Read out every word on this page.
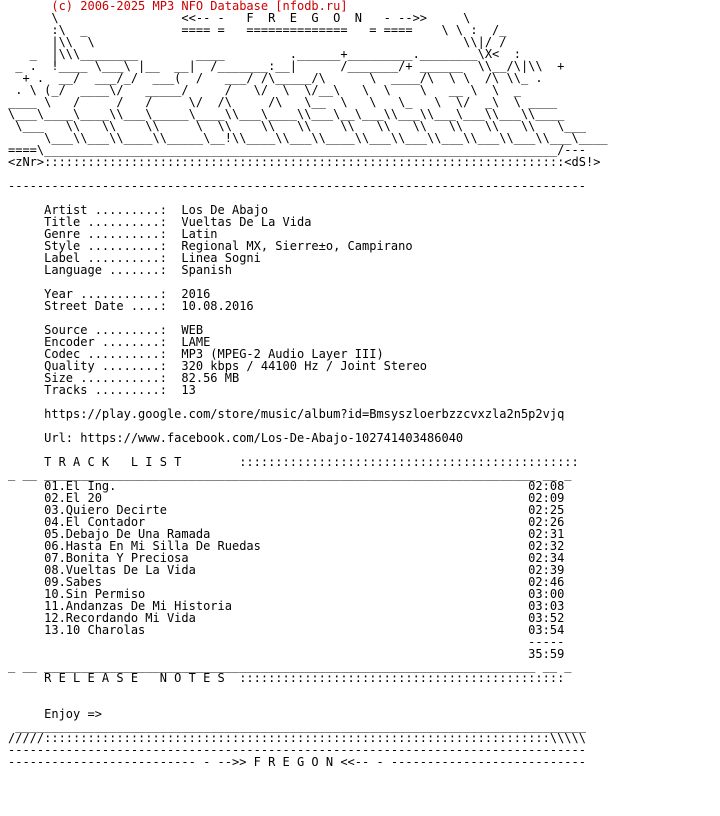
(c) 2006-2025 MP3 NFO Database [nfodb.ru]
\                 <<-- -   F  R  E  G  O  N   - -->>     \
:\  _             ==== =   ==============   = ====    \ \ :  /_
|\\  \                                                   \\|/ /
_  |\\\________        ____         .______+_________.________\X<  :
_ .  !____ \___\ |__  __|  /_______:__|      /_______/+ ______  \\__/\|\\  +
+ .  __/  ___/_/  ___(  /   ___/ /\_____/\      \  ____/\  \ \  /\ \\_ .
. \ (_/  ____\/   _____/     /   \/  \  \/__\   \  \    \   __ \  \  _
____ \   /     /   /     \/  /\     /\   \__  \   \   \_   \  \/  _\  \ ____
\___\____\____\\___\_____\____\\___\____\\___\__\___\\___\\___\___\\___\\____
\___   \\   \\    \\     \  \\    \\   \\    \\   \\   \\   \\   \\   \\   \___
\___\\___\\____\\_____\__!\\____\\___\\____\\___\\___\\___\\___\\___\\___\____
====\_______________________________________________________________________/---
<zNr>::::::::::::::::::::::::::::::::::::::::::::::::::::::::::::::::::::::::<dS!>
--------------------------------------------------------------------------------
Artist .........:  Los De Abajo
Title ..........:  Vueltas De La Vida
Genre ..........:  Latin
Style ..........:  Regional MX, Sierre±o, Campirano
Label ..........:  Linea Sogni
Language .......:  Spanish
Year ...........:  2016
Street Date ....:  10.08.2016
Source .........:  WEB
Encoder ........:  LAME
Codec ..........:  MP3 (MPEG-2 Audio Layer III)
Quality ........:  320 kbps / 44100 Hz / Joint Stereo
Size ...........:  82.56 MB
Tracks .........:  13
https://play.google.com/store/music/album?id=Bmsyszloerbzzcvxzla2n5p2vjq
Url: https://www.facebook.com/Los-De-Abajo-102741403486040
T R A C K   L I S T        :::::::::::::::::::::::::::::::::::::::::::::::
_ __ ____________________________________________________________________ __ _
01.El Ing.                                                         02:08
02.El 20                                                           02:09
03.Quiero Decirte                                                  02:25
04.El Contador                                                     02:26
05.Debajo De Una Ramada                                            02:31
06.Hasta En Mi Silla De Ruedas                                     02:32
07.Bonita Y Preciosa                                               02:34
08.Vueltas De La Vida                                              02:39
09.Sabes                                                           02:46
10.Sin Permiso                                                     03:00
11.Andanzas De Mi Historia                                         03:03
12.Recordando Mi Vida                                              03:52
13.10 Charolas                                                     03:54
-----
35:59
_ __ ____________________________________________________________________ __ _
R E L E A S E   N O T E S  :::::::::::::::::::::::::::::::::::::::::::::
Enjoy =>
_______________________________________________________________________________
/////::::::::::::::::::::::::::::::::::::::::::::::::::::::::::::::::::::::\\\\\
--------------------------------------------------------------------------------
-------------------------- - -->> F R E G O N <<-- - ---------------------------
